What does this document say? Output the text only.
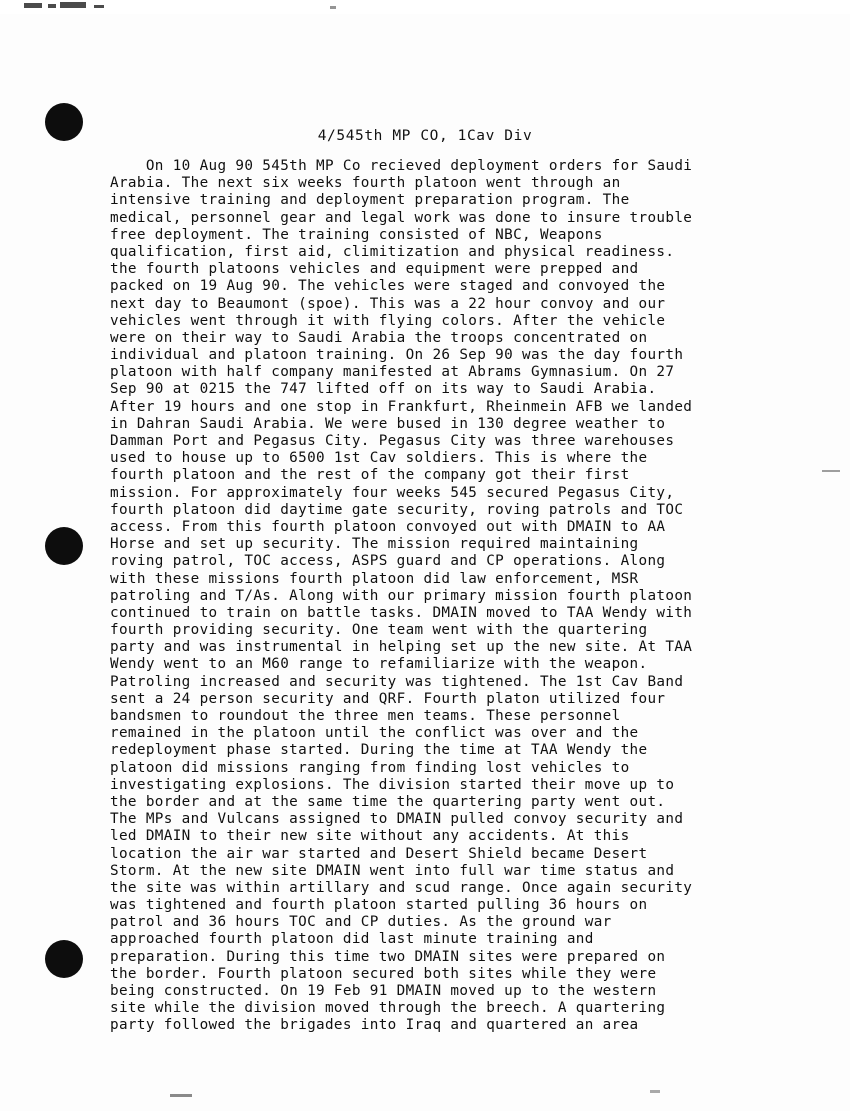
4/545th MP CO, 1Cav Div
On 10 Aug 90 545th MP Co recieved deployment orders for Saudi
Arabia. The next six weeks fourth platoon went through an
intensive training and deployment preparation program. The
medical, personnel gear and legal work was done to insure trouble
free deployment. The training consisted of NBC, Weapons
qualification, first aid, climitization and physical readiness.
the fourth platoons vehicles and equipment were prepped and
packed on 19 Aug 90. The vehicles were staged and convoyed the
next day to Beaumont (spoe). This was a 22 hour convoy and our
vehicles went through it with flying colors. After the vehicle
were on their way to Saudi Arabia the troops concentrated on
individual and platoon training. On 26 Sep 90 was the day fourth
platoon with half company manifested at Abrams Gymnasium. On 27
Sep 90 at 0215 the 747 lifted off on its way to Saudi Arabia.
After 19 hours and one stop in Frankfurt, Rheinmein AFB we landed
in Dahran Saudi Arabia. We were bused in 130 degree weather to
Damman Port and Pegasus City. Pegasus City was three warehouses
used to house up to 6500 1st Cav soldiers. This is where the
fourth platoon and the rest of the company got their first
mission. For approximately four weeks 545 secured Pegasus City,
fourth platoon did daytime gate security, roving patrols and TOC
access. From this fourth platoon convoyed out with DMAIN to AA
Horse and set up security. The mission required maintaining
roving patrol, TOC access, ASPS guard and CP operations. Along
with these missions fourth platoon did law enforcement, MSR
patroling and T/As. Along with our primary mission fourth platoon
continued to train on battle tasks. DMAIN moved to TAA Wendy with
fourth providing security. One team went with the quartering
party and was instrumental in helping set up the new site. At TAA
Wendy went to an M60 range to refamiliarize with the weapon.
Patroling increased and security was tightened. The 1st Cav Band
sent a 24 person security and QRF. Fourth platon utilized four
bandsmen to roundout the three men teams. These personnel
remained in the platoon until the conflict was over and the
redeployment phase started. During the time at TAA Wendy the
platoon did missions ranging from finding lost vehicles to
investigating explosions. The division started their move up to
the border and at the same time the quartering party went out.
The MPs and Vulcans assigned to DMAIN pulled convoy security and
led DMAIN to their new site without any accidents. At this
location the air war started and Desert Shield became Desert
Storm. At the new site DMAIN went into full war time status and
the site was within artillary and scud range. Once again security
was tightened and fourth platoon started pulling 36 hours on
patrol and 36 hours TOC and CP duties. As the ground war
approached fourth platoon did last minute training and
preparation. During this time two DMAIN sites were prepared on
the border. Fourth platoon secured both sites while they were
being constructed. On 19 Feb 91 DMAIN moved up to the western
site while the division moved through the breech. A quartering
party followed the brigades into Iraq and quartered an area
